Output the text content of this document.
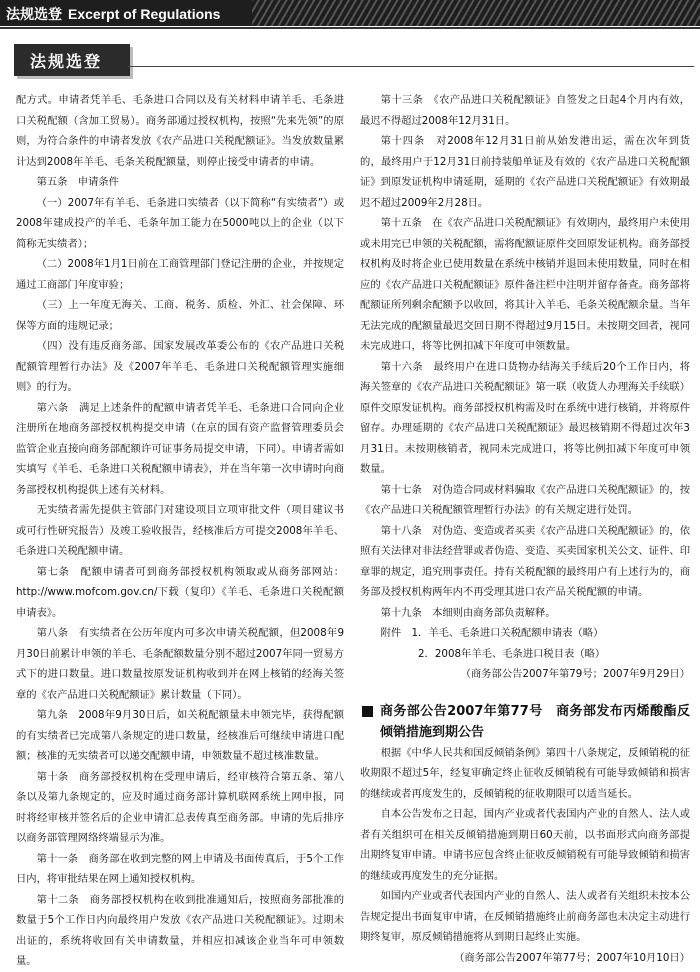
法规选登 Excerpt of Regulations
法规选登

配方式。申请者凭羊毛、毛条进口合同以及有关材料申请羊毛、毛条进口关税配额（含加工贸易）。商务部通过授权机构，按照“先来先领”的原则，为符合条件的申请者发放《农产品进口关税配额证》。当发放数量累计达到2008年羊毛、毛条关税配额量，则停止接受申请者的申请。

第五条　申请条件

（一）2007年有羊毛、毛条进口实绩者（以下简称“有实绩者”）或2008年建成投产的羊毛、毛条年加工能力在5000吨以上的企业（以下简称无实绩者）；

（二）2008年1月1日前在工商管理部门登记注册的企业，并按规定通过工商部门年度审验；

（三）上一年度无海关、工商、税务、质检、外汇、社会保障、环保等方面的违规记录；

（四）没有违反商务部、国家发展改革委公布的《农产品进口关税配额管理暂行办法》及《2007年羊毛、毛条进口关税配额管理实施细则》的行为。

第六条　满足上述条件的配额申请者凭羊毛、毛条进口合同向企业注册所在地商务部授权机构提交申请（在京的国有资产监督管理委员会监管企业直接向商务部配额许可证事务局提交申请，下同）。申请者需如实填写《羊毛、毛条进口关税配额申请表》，并在当年第一次申请时向商务部授权机构提供上述有关材料。

无实绩者需先提供主管部门对建设项目立项审批文件（项目建议书或可行性研究报告）及竣工验收报告，经核准后方可提交2008年羊毛、毛条进口关税配额申请。

第七条　配额申请者可到商务部授权机构领取或从商务部网站：http://www.mofcom.gov.cn/下载（复印）《羊毛、毛条进口关税配额申请表》。

第八条　有实绩者在公历年度内可多次申请关税配额，但2008年9月30日前累计申领的羊毛、毛条配额数量分别不超过2007年同一贸易方式下的进口数量。进口数量按原发证机构收到并在网上核销的经海关签章的《农产品进口关税配额证》累计数量（下同）。

第九条　2008年9月30日后，如关税配额量未申领完毕，获得配额的有实绩者已完成第八条规定的进口数量，经核准后可继续申请进口配额；核准的无实绩者可以递交配额申请，申领数量不超过核准数量。

第十条　商务部授权机构在受理申请后，经审核符合第五条、第八条以及第九条规定的，应及时通过商务部计算机联网系统上网申报，同时将经审核并签名后的企业申请汇总表传真至商务部。申请的先后排序以商务部管理网络终端显示为准。

第十一条　商务部在收到完整的网上申请及书面传真后，于5个工作日内，将审批结果在网上通知授权机构。

第十二条　商务部授权机构在收到批准通知后，按照商务部批准的数量于5个工作日内向最终用户发放《农产品进口关税配额证》。过期未出证的，系统将收回有关申请数量，并相应扣减该企业当年可申领数量。

第十三条　《农产品进口关税配额证》自签发之日起4个月内有效，最迟不得超过2008年12月31日。

第十四条　对2008年12月31日前从始发港出运，需在次年到货的，最终用户于12月31日前持装船单证及有效的《农产品进口关税配额证》到原发证机构申请延期，延期的《农产品进口关税配额证》有效期最迟不超过2009年2月28日。

第十五条　在《农产品进口关税配额证》有效期内，最终用户未使用或未用完已申领的关税配额，需将配额证原件交回原发证机构。商务部授权机构及时将企业已使用数量在系统中核销并退回未使用数量，同时在相应的《农产品进口关税配额证》原件备注栏中注明并留存备查。商务部将配额证所列剩余配额予以收回，将其计入羊毛、毛条关税配额余量。当年无法完成的配额量最迟交回日期不得超过9月15日。未按期交回者，视同未完成进口，将等比例扣减下年度可申领数量。

第十六条　最终用户在进口货物办结海关手续后20个工作日内，将海关签章的《农产品进口关税配额证》第一联（收货人办理海关手续联）原件交原发证机构。商务部授权机构需及时在系统中进行核销，并将原件留存。办理延期的《农产品进口关税配额证》最迟核销期不得超过次年3月31日。未按期核销者，视同未完成进口，将等比例扣减下年度可申领数量。

第十七条　对伪造合同或材料骗取《农产品进口关税配额证》的，按《农产品进口关税配额管理暂行办法》的有关规定进行处罚。

第十八条　对伪造、变造或者买卖《农产品进口关税配额证》的，依照有关法律对非法经营罪或者伪造、变造、买卖国家机关公文、证件、印章罪的规定，追究刑事责任。持有关税配额的最终用户有上述行为的，商务部及授权机构两年内不再受理其进口农产品关税配额的申请。

第十九条　本细则由商务部负责解释。

附件　1．羊毛、毛条进口关税配额申请表（略）

2．2008年羊毛、毛条进口税目表（略）

（商务部公告2007年第79号；2007年9月29日）

商务部公告2007年第77号　商务部发布丙烯酸酯反倾销措施到期公告

根据《中华人民共和国反倾销条例》第四十八条规定，反倾销税的征收期限不超过5年，经复审确定终止征收反倾销税有可能导致倾销和损害的继续或者再度发生的，反倾销税的征收期限可以适当延长。

自本公告发布之日起，国内产业或者代表国内产业的自然人、法人或者有关组织可在相关反倾销措施到期日60天前，以书面形式向商务部提出期终复审申请。申请书应包含终止征收反倾销税有可能导致倾销和损害的继续或再度发生的充分证据。

如国内产业或者代表国内产业的自然人、法人或者有关组织未按本公告规定提出书面复审申请，在反倾销措施终止前商务部也未决定主动进行期终复审，原反倾销措施将从到期日起终止实施。

（商务部公告2007年第77号；2007年10月10日）
